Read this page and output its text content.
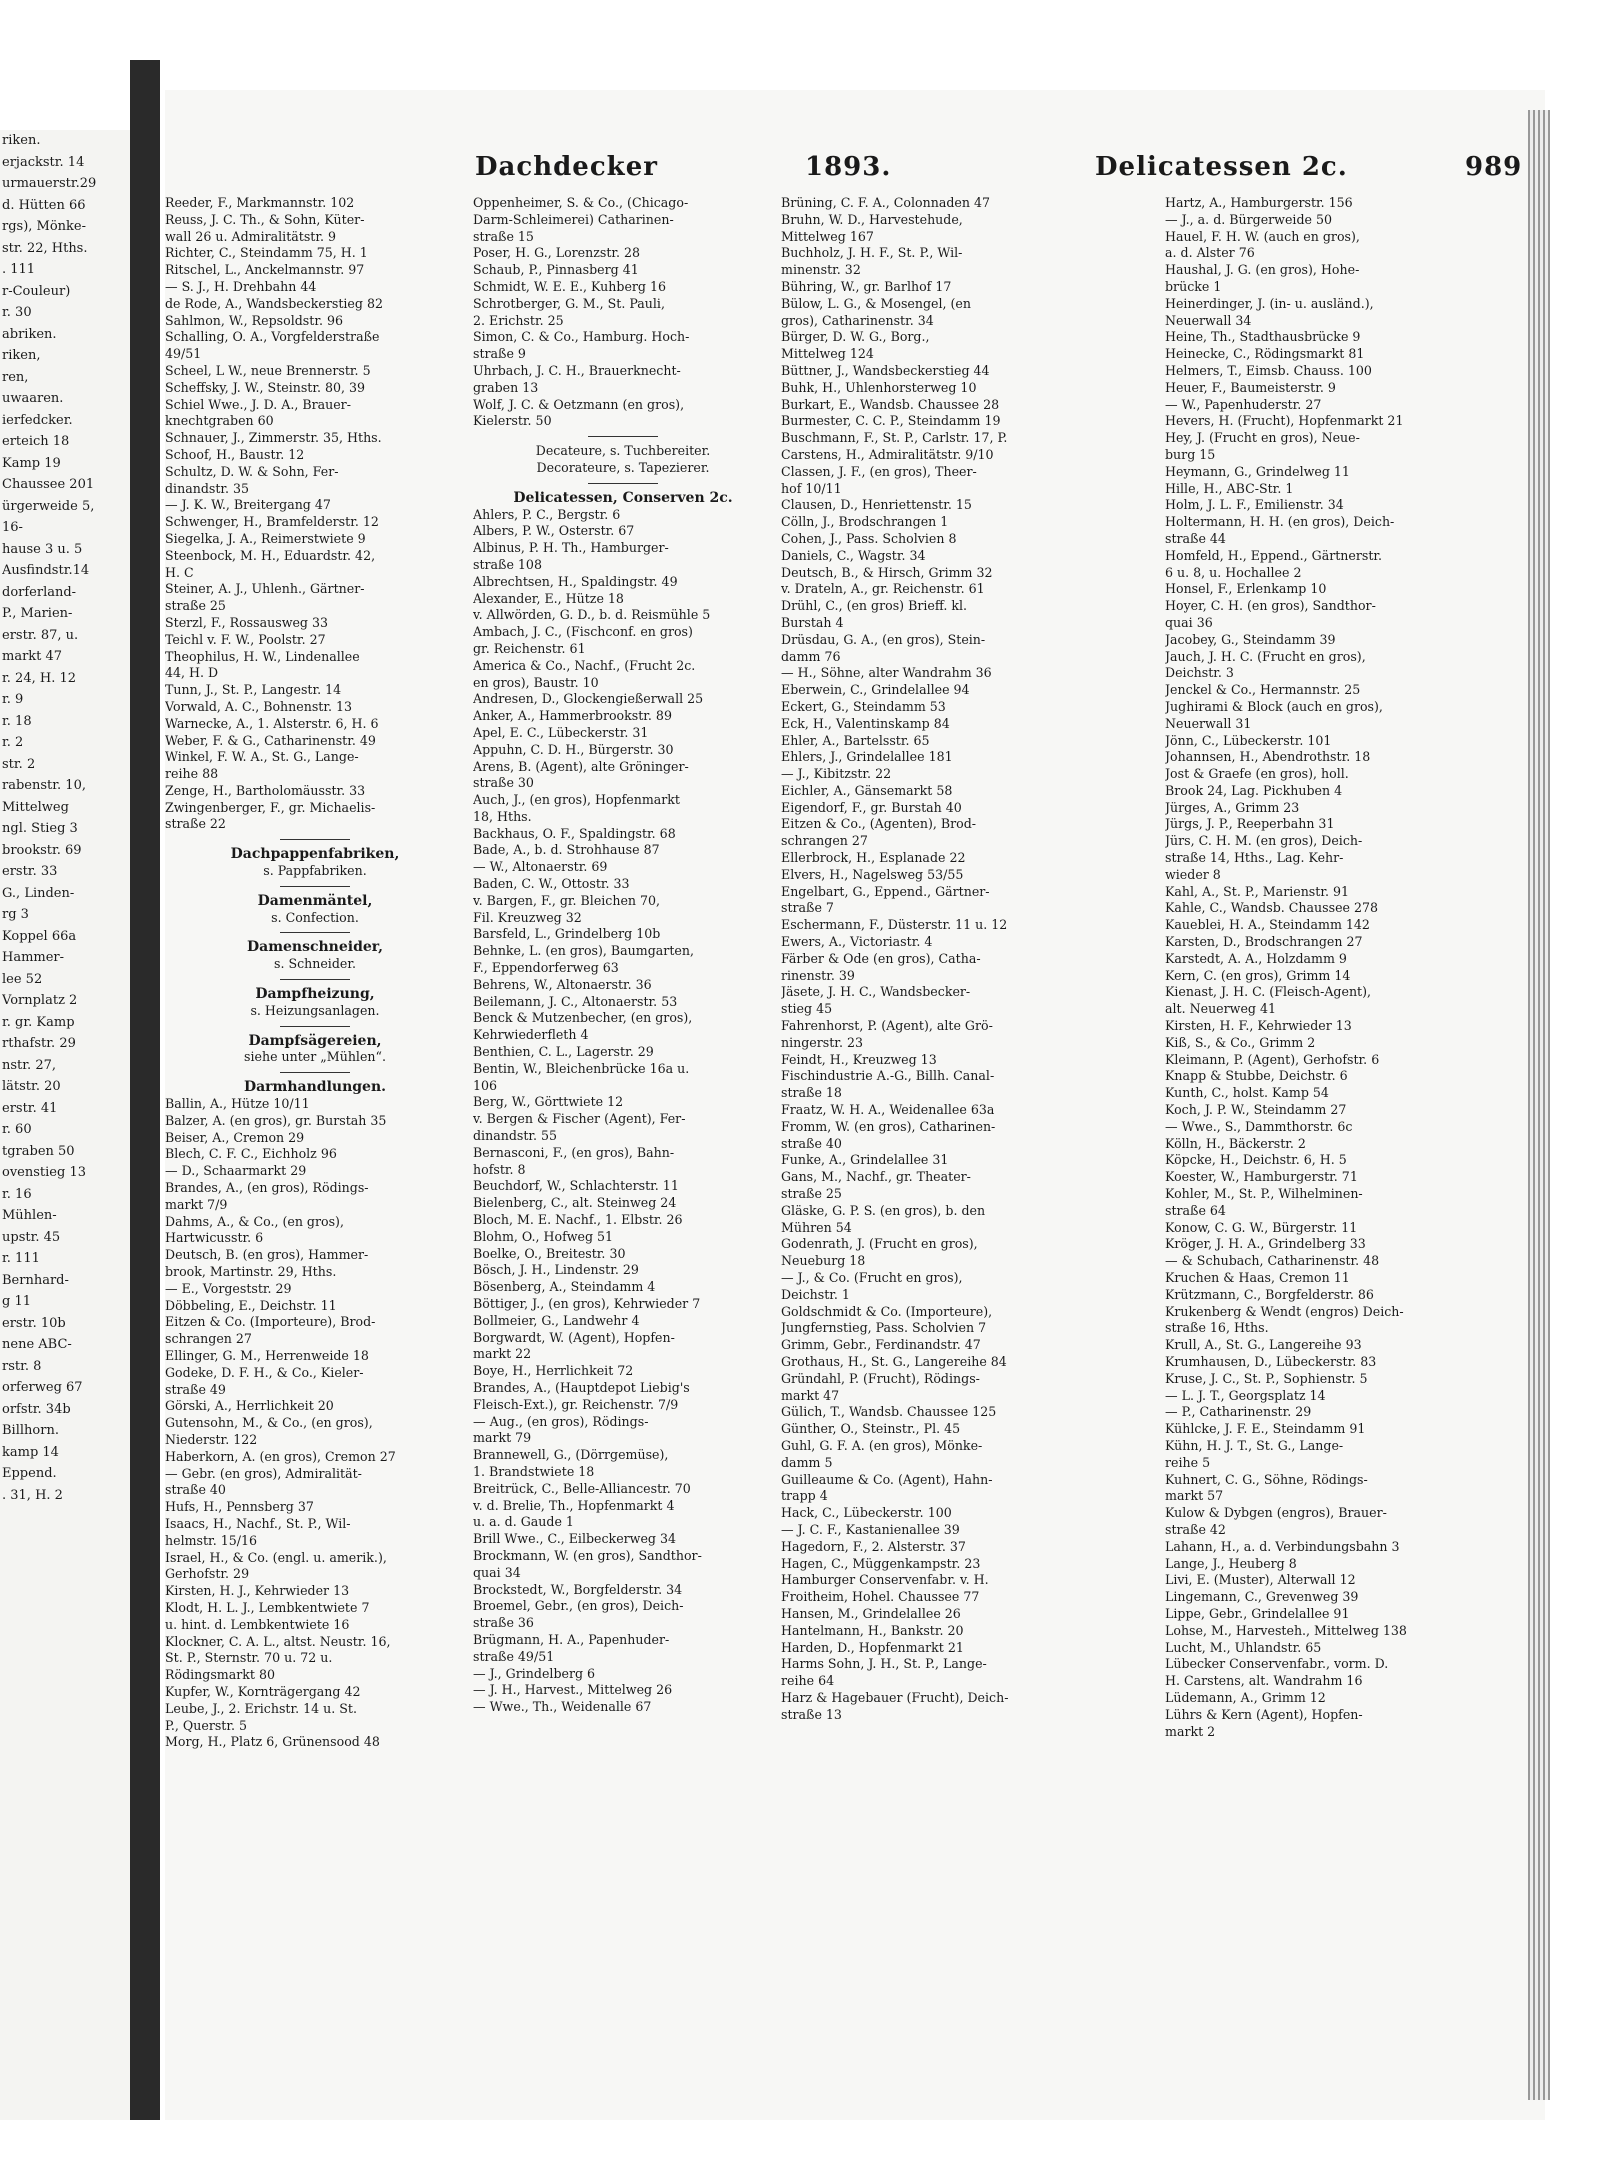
riken.
erjackstr. 14
urmauerstr.29
d. Hütten 66
rgs), Mönke-
str. 22, Hths.
. 111
r-Couleur)
r. 30
abriken.
riken,
ren,
uwaaren.
ierfedcker.
erteich 18
Kamp 19
Chaussee 201
ürgerweide 5,
16-
hause 3 u. 5
Ausfindstr.14
dorferland-
P., Marien-
erstr. 87, u.
markt 47
r. 24, H. 12
r. 9
r. 18
r. 2
str. 2
rabenstr. 10,
Mittelweg
ngl. Stieg 3
brookstr. 69
erstr. 33
G., Linden-
rg 3
Koppel 66a
Hammer-
lee 52
Vornplatz 2
r. gr. Kamp
rthafstr. 29
nstr. 27,
lätstr. 20
erstr. 41
r. 60
tgraben 50
ovenstieg 13
r. 16
Mühlen-
upstr. 45
r. 111
Bernhard-
g 11
erstr. 10b
nene ABC-
rstr. 8
orferweg 67
orfstr. 34b
Billhorn.
kamp 14
Eppend.
. 31, H. 2
Dachdecker	1893.	Delicatessen 2c.	989
Reeder, F., Markmannstr. 102
Reuss, J. C. Th., & Sohn, Küter-
wall 26 u. Admiralitätstr. 9
Richter, C., Steindamm 75, H. 1
Ritschel, L., Anckelmannstr. 97
— S. J., H. Drehbahn 44
de Rode, A., Wandsbeckerstieg 82
Sahlmon, W., Repsoldstr. 96
Schalling, O. A., Vorgfelderstraße
49/51
Scheel, L W., neue Brennerstr. 5
Scheffsky, J. W., Steinstr. 80, 39
Schiel Wwe., J. D. A., Brauer-
knechtgraben 60
Schnauer, J., Zimmerstr. 35, Hths.
Schoof, H., Baustr. 12
Schultz, D. W. & Sohn, Fer-
dinandstr. 35
— J. K. W., Breitergang 47
Schwenger, H., Bramfelderstr. 12
Siegelka, J. A., Reimerstwiete 9
Steenbock, M. H., Eduardstr. 42,
H. C
Steiner, A. J., Uhlenh., Gärtner-
straße 25
Sterzl, F., Rossausweg 33
Teichl v. F. W., Poolstr. 27
Theophilus, H. W., Lindenallee
44, H. D
Tunn, J., St. P., Langestr. 14
Vorwald, A. C., Bohnenstr. 13
Warnecke, A., 1. Alsterstr. 6, H. 6
Weber, F. & G., Catharinenstr. 49
Winkel, F. W. A., St. G., Lange-
reihe 88
Zenge, H., Bartholomäusstr. 33
Zwingenberger, F., gr. Michaelis-
straße 22
Dachpappenfabriken,
s. Pappfabriken.
Damenmäntel,
s. Confection.
Damenschneider,
s. Schneider.
Dampfheizung,
s. Heizungsanlagen.
Dampfsägereien,
siehe unter „Mühlen“.
Darmhandlungen.
Ballin, A., Hütze 10/11
Balzer, A. (en gros), gr. Burstah 35
Beiser, A., Cremon 29
Blech, C. F. C., Eichholz 96
— D., Schaarmarkt 29
Brandes, A., (en gros), Rödings-
markt 7/9
Dahms, A., & Co., (en gros),
Hartwicusstr. 6
Deutsch, B. (en gros), Hammer-
brook, Martinstr. 29, Hths.
— E., Vorgeststr. 29
Döbbeling, E., Deichstr. 11
Eitzen & Co. (Importeure), Brod-
schrangen 27
Ellinger, G. M., Herrenweide 18
Godeke, D. F. H., & Co., Kieler-
straße 49
Görski, A., Herrlichkeit 20
Gutensohn, M., & Co., (en gros),
Niederstr. 122
Haberkorn, A. (en gros), Cremon 27
— Gebr. (en gros), Admiralität-
straße 40
Hufs, H., Pennsberg 37
Isaacs, H., Nachf., St. P., Wil-
helmstr. 15/16
Israel, H., & Co. (engl. u. amerik.),
Gerhofstr. 29
Kirsten, H. J., Kehrwieder 13
Klodt, H. L. J., Lembkentwiete 7
u. hint. d. Lembkentwiete 16
Klockner, C. A. L., altst. Neustr. 16,
St. P., Sternstr. 70 u. 72 u.
Rödingsmarkt 80
Kupfer, W., Kornträgergang 42
Leube, J., 2. Erichstr. 14 u. St.
P., Querstr. 5
Morg, H., Platz 6, Grünensood 48
Oppenheimer, S. & Co., (Chicago-
Darm-Schleimerei) Catharinen-
straße 15
Poser, H. G., Lorenzstr. 28
Schaub, P., Pinnasberg 41
Schmidt, W. E. E., Kuhberg 16
Schrotberger, G. M., St. Pauli,
2. Erichstr. 25
Simon, C. & Co., Hamburg. Hoch-
straße 9
Uhrbach, J. C. H., Brauerknecht-
graben 13
Wolf, J. C. & Oetzmann (en gros),
Kielerstr. 50
Decateure, s. Tuchbereiter.
Decorateure, s. Tapezierer.
Delicatessen, Conserven 2c.
Ahlers, P. C., Bergstr. 6
Albers, P. W., Osterstr. 67
Albinus, P. H. Th., Hamburger-
straße 108
Albrechtsen, H., Spaldingstr. 49
Alexander, E., Hütze 18
v. Allwörden, G. D., b. d. Reismühle 5
Ambach, J. C., (Fischconf. en gros)
gr. Reichenstr. 61
America & Co., Nachf., (Frucht 2c.
en gros), Baustr. 10
Andresen, D., Glockengießerwall 25
Anker, A., Hammerbrookstr. 89
Apel, E. C., Lübeckerstr. 31
Appuhn, C. D. H., Bürgerstr. 30
Arens, B. (Agent), alte Gröninger-
straße 30
Auch, J., (en gros), Hopfenmarkt
18, Hths.
Backhaus, O. F., Spaldingstr. 68
Bade, A., b. d. Strohhause 87
— W., Altonaerstr. 69
Baden, C. W., Ottostr. 33
v. Bargen, F., gr. Bleichen 70,
Fil. Kreuzweg 32
Barsfeld, L., Grindelberg 10b
Behnke, L. (en gros), Baumgarten,
F., Eppendorferweg 63
Behrens, W., Altonaerstr. 36
Beilemann, J. C., Altonaerstr. 53
Benck & Mutzenbecher, (en gros),
Kehrwiederfleth 4
Benthien, C. L., Lagerstr. 29
Bentin, W., Bleichenbrücke 16a u.
106
Berg, W., Görttwiete 12
v. Bergen & Fischer (Agent), Fer-
dinandstr. 55
Bernasconi, F., (en gros), Bahn-
hofstr. 8
Beuchdorf, W., Schlachterstr. 11
Bielenberg, C., alt. Steinweg 24
Bloch, M. E. Nachf., 1. Elbstr. 26
Blohm, O., Hofweg 51
Boelke, O., Breitestr. 30
Bösch, J. H., Lindenstr. 29
Bösenberg, A., Steindamm 4
Böttiger, J., (en gros), Kehrwieder 7
Bollmeier, G., Landwehr 4
Borgwardt, W. (Agent), Hopfen-
markt 22
Boye, H., Herrlichkeit 72
Brandes, A., (Hauptdepot Liebig's
Fleisch-Ext.), gr. Reichenstr. 7/9
— Aug., (en gros), Rödings-
markt 79
Brannewell, G., (Dörrgemüse),
1. Brandstwiete 18
Breitrück, C., Belle-Alliancestr. 70
v. d. Brelie, Th., Hopfenmarkt 4
u. a. d. Gaude 1
Brill Wwe., C., Eilbeckerweg 34
Brockmann, W. (en gros), Sandthor-
quai 34
Brockstedt, W., Borgfelderstr. 34
Broemel, Gebr., (en gros), Deich-
straße 36
Brügmann, H. A., Papenhuder-
straße 49/51
— J., Grindelberg 6
— J. H., Harvest., Mittelweg 26
— Wwe., Th., Weidenalle 67
Brüning, C. F. A., Colonnaden 47
Bruhn, W. D., Harvestehude,
Mittelweg 167
Buchholz, J. H. F., St. P., Wil-
minenstr. 32
Bühring, W., gr. Barlhof 17
Bülow, L. G., & Mosengel, (en
gros), Catharinenstr. 34
Bürger, D. W. G., Borg.,
Mittelweg 124
Büttner, J., Wandsbeckerstieg 44
Buhk, H., Uhlenhorsterweg 10
Burkart, E., Wandsb. Chaussee 28
Burmester, C. C. P., Steindamm 19
Buschmann, F., St. P., Carlstr. 17, P.
Carstens, H., Admiralitätstr. 9/10
Classen, J. F., (en gros), Theer-
hof 10/11
Clausen, D., Henriettenstr. 15
Cölln, J., Brodschrangen 1
Cohen, J., Pass. Scholvien 8
Daniels, C., Wagstr. 34
Deutsch, B., & Hirsch, Grimm 32
v. Drateln, A., gr. Reichenstr. 61
Drühl, C., (en gros) Brieff. kl.
Burstah 4
Drüsdau, G. A., (en gros), Stein-
damm 76
— H., Söhne, alter Wandrahm 36
Eberwein, C., Grindelallee 94
Eckert, G., Steindamm 53
Eck, H., Valentinskamp 84
Ehler, A., Bartelsstr. 65
Ehlers, J., Grindelallee 181
— J., Kibitzstr. 22
Eichler, A., Gänsemarkt 58
Eigendorf, F., gr. Burstah 40
Eitzen & Co., (Agenten), Brod-
schrangen 27
Ellerbrock, H., Esplanade 22
Elvers, H., Nagelsweg 53/55
Engelbart, G., Eppend., Gärtner-
straße 7
Eschermann, F., Düsterstr. 11 u. 12
Ewers, A., Victoriastr. 4
Färber & Ode (en gros), Catha-
rinenstr. 39
Jäsete, J. H. C., Wandsbecker-
stieg 45
Fahrenhorst, P. (Agent), alte Grö-
ningerstr. 23
Feindt, H., Kreuzweg 13
Fischindustrie A.-G., Billh. Canal-
straße 18
Fraatz, W. H. A., Weidenallee 63a
Fromm, W. (en gros), Catharinen-
straße 40
Funke, A., Grindelallee 31
Gans, M., Nachf., gr. Theater-
straße 25
Gläske, G. P. S. (en gros), b. den
Mühren 54
Godenrath, J. (Frucht en gros),
Neueburg 18
— J., & Co. (Frucht en gros),
Deichstr. 1
Goldschmidt & Co. (Importeure),
Jungfernstieg, Pass. Scholvien 7
Grimm, Gebr., Ferdinandstr. 47
Grothaus, H., St. G., Langereihe 84
Gründahl, P. (Frucht), Rödings-
markt 47
Gülich, T., Wandsb. Chaussee 125
Günther, O., Steinstr., Pl. 45
Guhl, G. F. A. (en gros), Mönke-
damm 5
Guilleaume & Co. (Agent), Hahn-
trapp 4
Hack, C., Lübeckerstr. 100
— J. C. F., Kastanienallee 39
Hagedorn, F., 2. Alsterstr. 37
Hagen, C., Müggenkampstr. 23
Hamburger Conservenfabr. v. H.
Froitheim, Hohel. Chaussee 77
Hansen, M., Grindelallee 26
Hantelmann, H., Bankstr. 20
Harden, D., Hopfenmarkt 21
Harms Sohn, J. H., St. P., Lange-
reihe 64
Harz & Hagebauer (Frucht), Deich-
straße 13
Hartz, A., Hamburgerstr. 156
— J., a. d. Bürgerweide 50
Hauel, F. H. W. (auch en gros),
a. d. Alster 76
Haushal, J. G. (en gros), Hohe-
brücke 1
Heinerdinger, J. (in- u. ausländ.),
Neuerwall 34
Heine, Th., Stadthausbrücke 9
Heinecke, C., Rödingsmarkt 81
Helmers, T., Eimsb. Chauss. 100
Heuer, F., Baumeisterstr. 9
— W., Papenhuderstr. 27
Hevers, H. (Frucht), Hopfenmarkt 21
Hey, J. (Frucht en gros), Neue-
burg 15
Heymann, G., Grindelweg 11
Hille, H., ABC-Str. 1
Holm, J. L. F., Emilienstr. 34
Holtermann, H. H. (en gros), Deich-
straße 44
Homfeld, H., Eppend., Gärtnerstr.
6 u. 8, u. Hochallee 2
Honsel, F., Erlenkamp 10
Hoyer, C. H. (en gros), Sandthor-
quai 36
Jacobey, G., Steindamm 39
Jauch, J. H. C. (Frucht en gros),
Deichstr. 3
Jenckel & Co., Hermannstr. 25
Jughirami & Block (auch en gros),
Neuerwall 31
Jönn, C., Lübeckerstr. 101
Johannsen, H., Abendrothstr. 18
Jost & Graefe (en gros), holl.
Brook 24, Lag. Pickhuben 4
Jürges, A., Grimm 23
Jürgs, J. P., Reeperbahn 31
Jürs, C. H. M. (en gros), Deich-
straße 14, Hths., Lag. Kehr-
wieder 8
Kahl, A., St. P., Marienstr. 91
Kahle, C., Wandsb. Chaussee 278
Kaueblei, H. A., Steindamm 142
Karsten, D., Brodschrangen 27
Karstedt, A. A., Holzdamm 9
Kern, C. (en gros), Grimm 14
Kienast, J. H. C. (Fleisch-Agent),
alt. Neuerweg 41
Kirsten, H. F., Kehrwieder 13
Kiß, S., & Co., Grimm 2
Kleimann, P. (Agent), Gerhofstr. 6
Knapp & Stubbe, Deichstr. 6
Kunth, C., holst. Kamp 54
Koch, J. P. W., Steindamm 27
— Wwe., S., Dammthorstr. 6c
Kölln, H., Bäckerstr. 2
Köpcke, H., Deichstr. 6, H. 5
Koester, W., Hamburgerstr. 71
Kohler, M., St. P., Wilhelminen-
straße 64
Konow, C. G. W., Bürgerstr. 11
Kröger, J. H. A., Grindelberg 33
— & Schubach, Catharinenstr. 48
Kruchen & Haas, Cremon 11
Krützmann, C., Borgfelderstr. 86
Krukenberg & Wendt (engros) Deich-
straße 16, Hths.
Krull, A., St. G., Langereihe 93
Krumhausen, D., Lübeckerstr. 83
Kruse, J. C., St. P., Sophienstr. 5
— L. J. T., Georgsplatz 14
— P., Catharinenstr. 29
Kühlcke, J. F. E., Steindamm 91
Kühn, H. J. T., St. G., Lange-
reihe 5
Kuhnert, C. G., Söhne, Rödings-
markt 57
Kulow & Dybgen (engros), Brauer-
straße 42
Lahann, H., a. d. Verbindungsbahn 3
Lange, J., Heuberg 8
Livi, E. (Muster), Alterwall 12
Lingemann, C., Grevenweg 39
Lippe, Gebr., Grindelallee 91
Lohse, M., Harvesteh., Mittelweg 138
Lucht, M., Uhlandstr. 65
Lübecker Conservenfabr., vorm. D.
H. Carstens, alt. Wandrahm 16
Lüdemann, A., Grimm 12
Lührs & Kern (Agent), Hopfen-
markt 2
